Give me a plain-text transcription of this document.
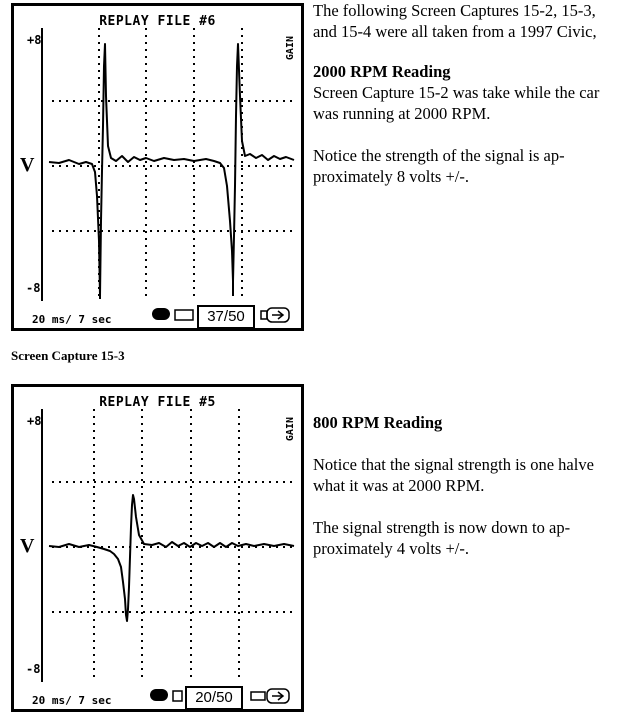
REPLAY FILE #6
+8
V
-8
GAIN
20 ms/ 7 sec	37/50

The following Screen Captures 15-2, 15-3, and 15-4 were all taken from a 1997 Civic,

2000 RPM Reading

Screen Capture 15-2 was take while the car was running at 2000 RPM.

Notice the strength of the signal is ap-proximately 8 volts +/-.

Screen Capture 15-3
REPLAY FILE #5
+8
V
-8
GAIN
20 ms/ 7 sec	20/50

800 RPM Reading

Notice that the signal strength is one halve what it was at 2000 RPM.

The signal strength is now down to ap-proximately 4 volts +/-.
